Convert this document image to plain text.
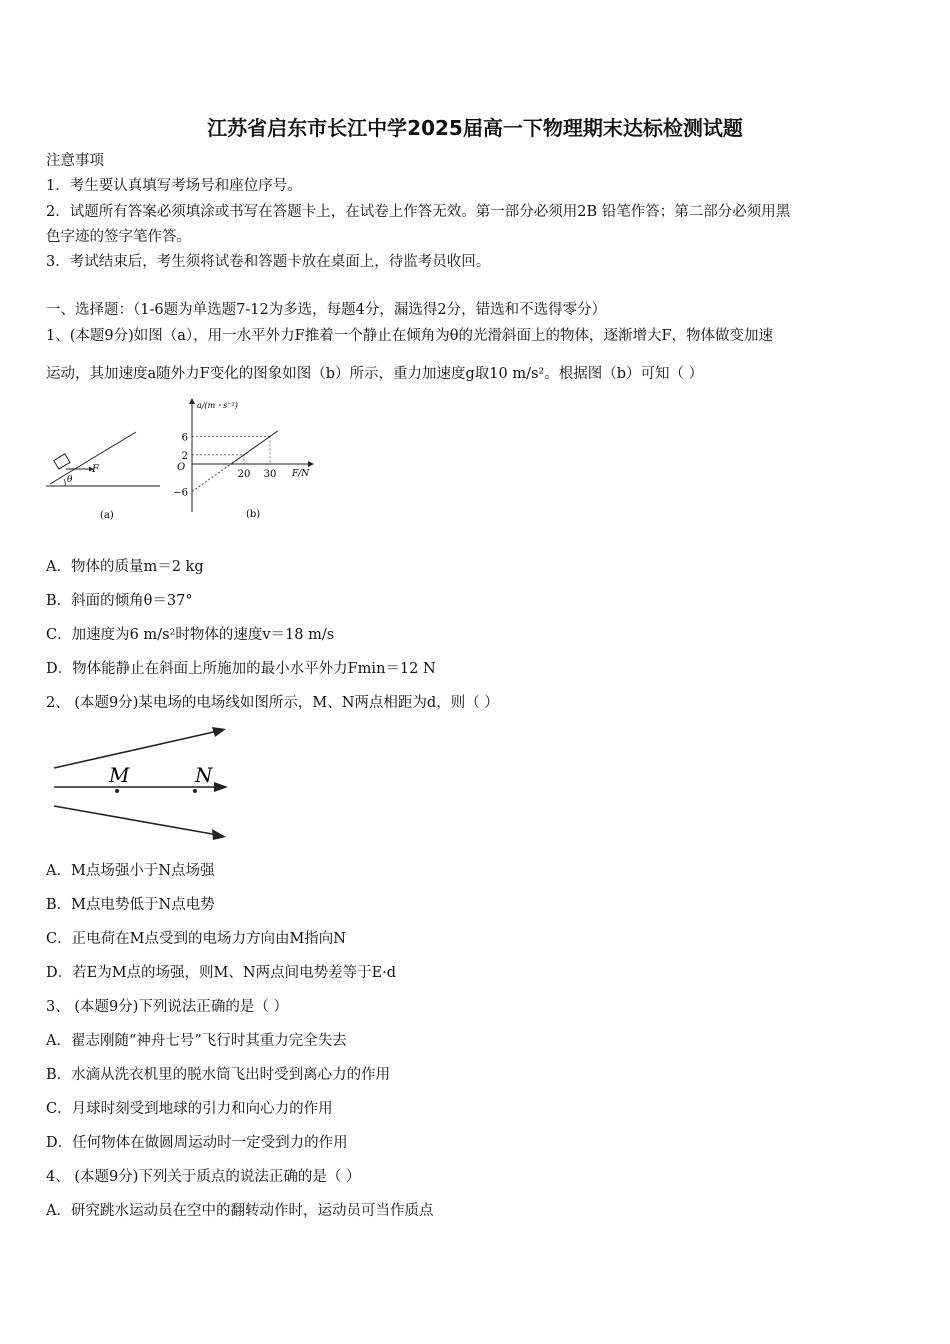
江苏省启东市长江中学2025届高一下物理期末达标检测试题
注意事项
1．考生要认真填写考场号和座位序号。
2．试题所有答案必须填涂或书写在答题卡上，在试卷上作答无效。第一部分必须用2B 铅笔作答；第二部分必须用黑
色字迹的签字笔作答。
3．考试结束后，考生须将试卷和答题卡放在桌面上，待监考员收回。
一、选择题：（1-6题为单选题7-12为多选，每题4分，漏选得2分，错选和不选得零分）
1、(本题9分)如图（a），用一水平外力F推着一个静止在倾角为θ的光滑斜面上的物体，逐渐增大F，物体做变加速
运动，其加速度a随外力F变化的图象如图（b）所示，重力加速度g取10 m/s²。根据图（b）可知（ ）
F
θ
(a)
6
2
−6
20 30
a/(m・s⁻²)
F/N
O
(b)
A．物体的质量m＝2 kg
B．斜面的倾角θ＝37°
C．加速度为6 m/s²时物体的速度v＝18 m/s
D．物体能静止在斜面上所施加的最小水平外力Fmin＝12 N
2、 (本题9分)某电场的电场线如图所示，M、N两点相距为d，则（ ）
M	N
A．M点场强小于N点场强
B．M点电势低于N点电势
C．正电荷在M点受到的电场力方向由M指向N
D．若E为M点的场强，则M、N两点间电势差等于E·d
3、 (本题9分)下列说法正确的是（ ）
A．翟志刚随“神舟七号”飞行时其重力完全失去
B．水滴从洗衣机里的脱水筒飞出时受到离心力的作用
C．月球时刻受到地球的引力和向心力的作用
D．任何物体在做圆周运动时一定受到力的作用
4、 (本题9分)下列关于质点的说法正确的是（ ）
A．研究跳水运动员在空中的翻转动作时，运动员可当作质点
